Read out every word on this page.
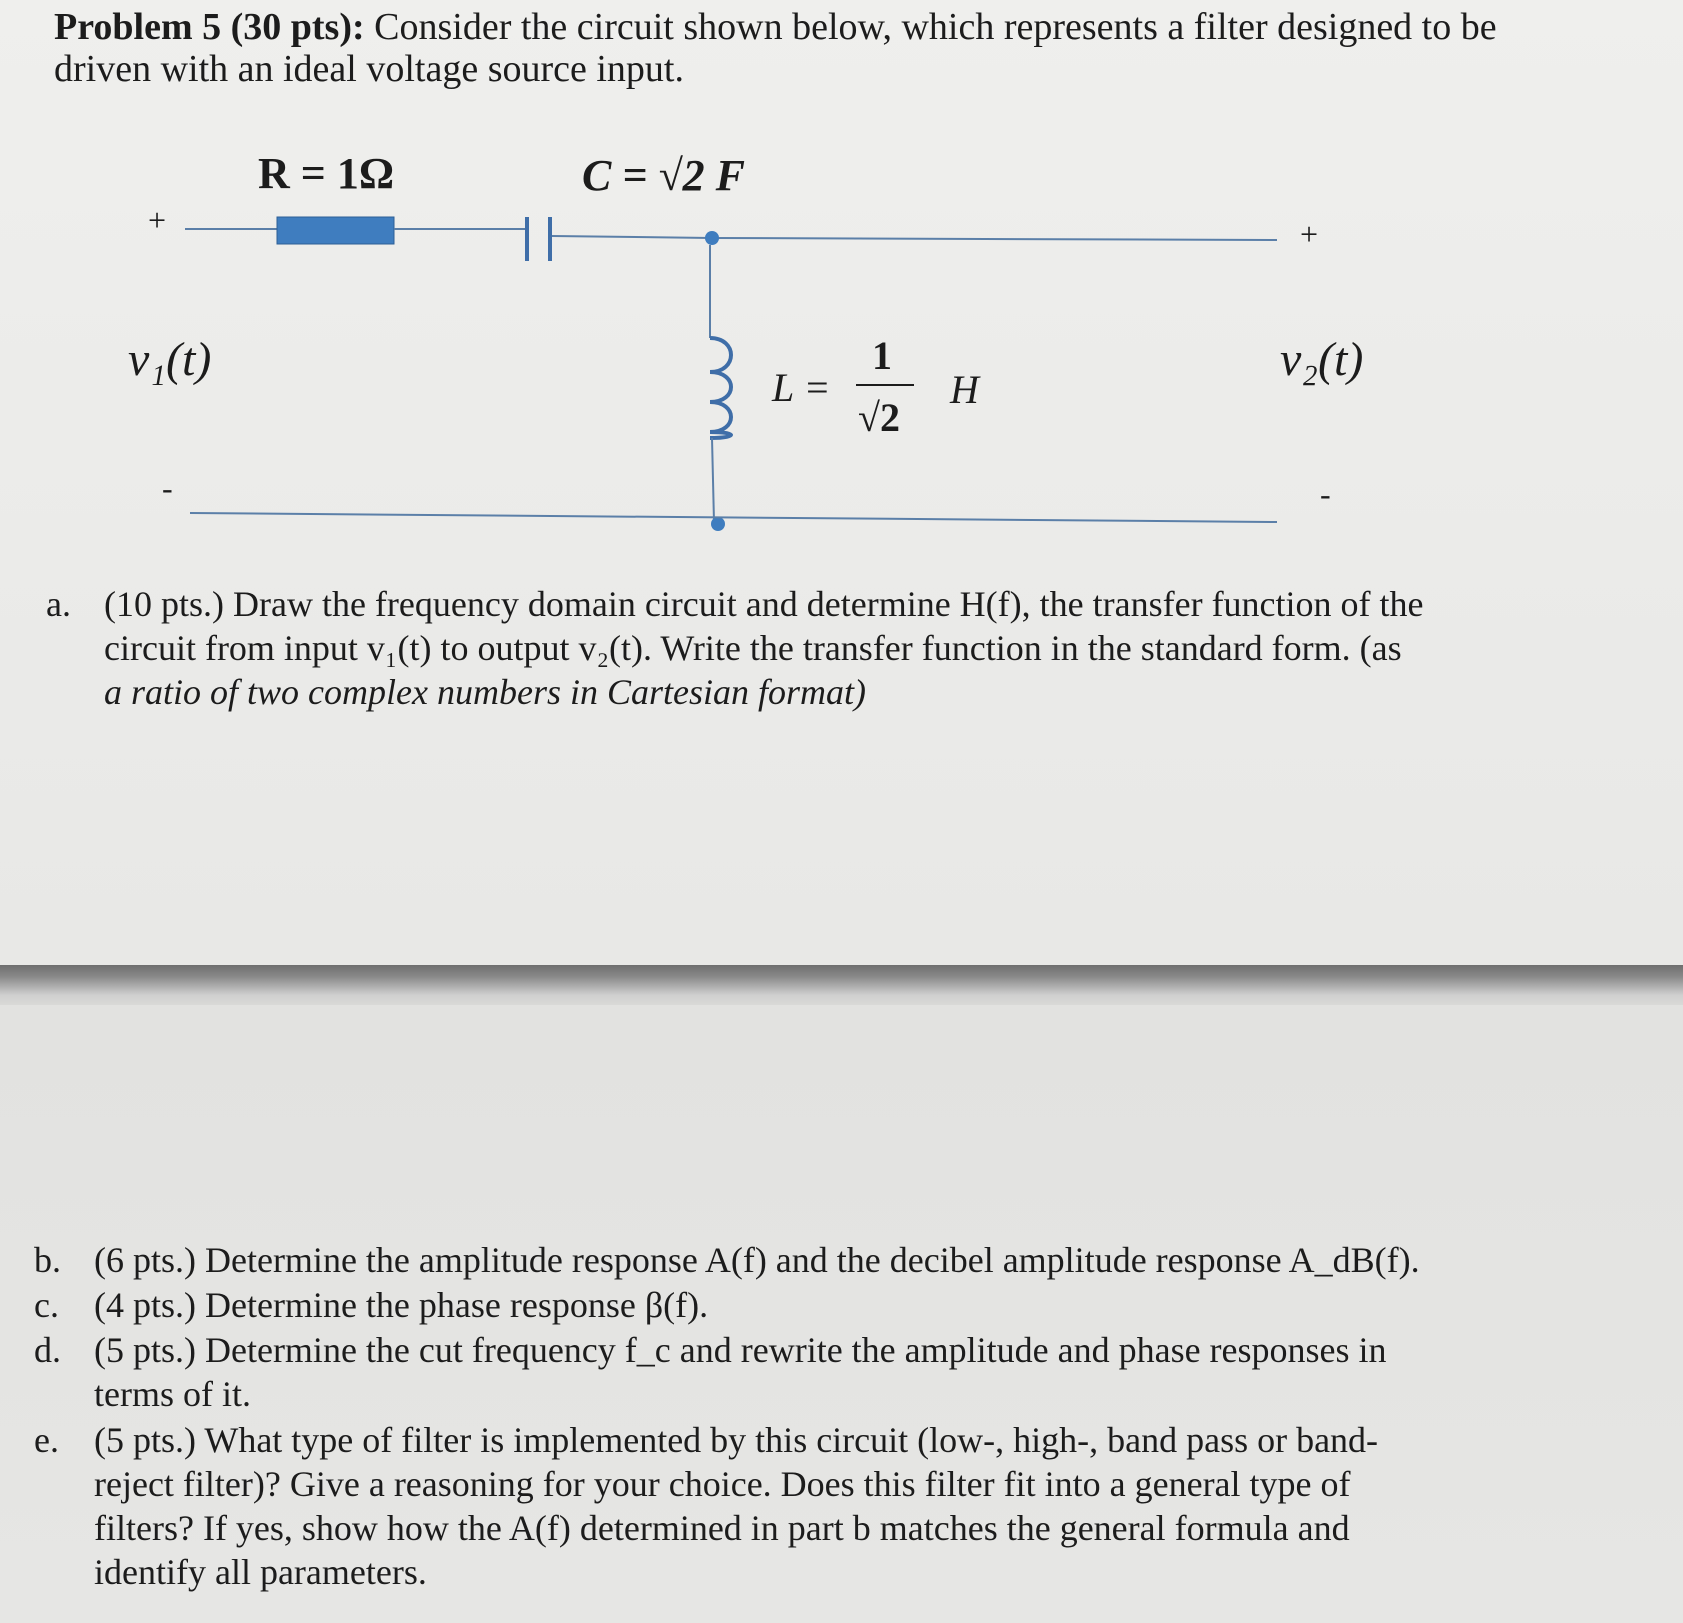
Problem 5 (30 pts): Consider the circuit shown below, which represents a filter designed to be
driven with an ideal voltage source input.
R = 1Ω	C = √2 F
+	+
v₁(t)	v₂(t)
-	-
L =
1
√2
H
a. (10 pts.) Draw the frequency domain circuit and determine H(f), the transfer function of the
circuit from input v₁(t) to output v₂(t). Write the transfer function in the standard form. (as
a ratio of two complex numbers in Cartesian format)
b. (6 pts.) Determine the amplitude response A(f) and the decibel amplitude response A_dB(f).
c. (4 pts.) Determine the phase response β(f).
d. (5 pts.) Determine the cut frequency f_c and rewrite the amplitude and phase responses in
terms of it.
e. (5 pts.) What type of filter is implemented by this circuit (low-, high-, band pass or band-
reject filter)? Give a reasoning for your choice. Does this filter fit into a general type of
filters? If yes, show how the A(f) determined in part b matches the general formula and
identify all parameters.
